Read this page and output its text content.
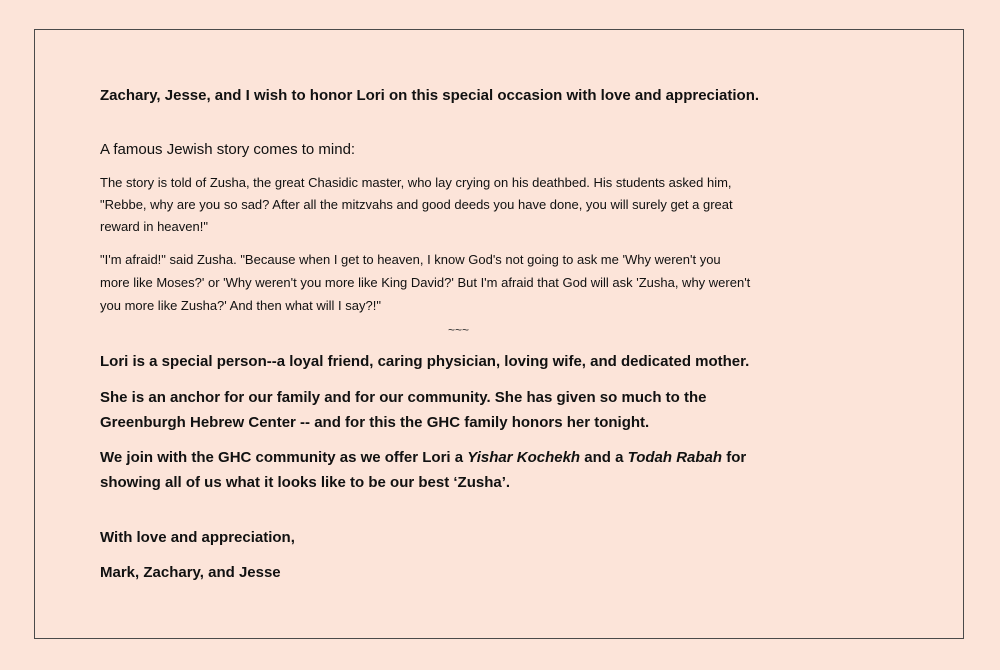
Zachary, Jesse, and I wish to honor Lori on this special occasion with love and appreciation.

A famous Jewish story comes to mind:

The story is told of Zusha, the great Chasidic master, who lay crying on his deathbed. His students asked him,

"Rebbe, why are you so sad? After all the mitzvahs and good deeds you have done, you will surely get a great

reward in heaven!"

"I'm afraid!" said Zusha. "Because when I get to heaven, I know God's not going to ask me 'Why weren't you

more like Moses?' or 'Why weren't you more like King David?' But I'm afraid that God will ask 'Zusha, why weren't

you more like Zusha?' And then what will I say?!"

~~~

Lori is a special person--a loyal friend, caring physician, loving wife, and dedicated mother.

She is an anchor for our family and for our community. She has given so much to the

Greenburgh Hebrew Center -- and for this the GHC family honors her tonight.

We join with the GHC community as we offer Lori a Yishar Kochekh and a Todah Rabah for

showing all of us what it looks like to be our best ‘Zusha’.

With love and appreciation,

Mark, Zachary, and Jesse
